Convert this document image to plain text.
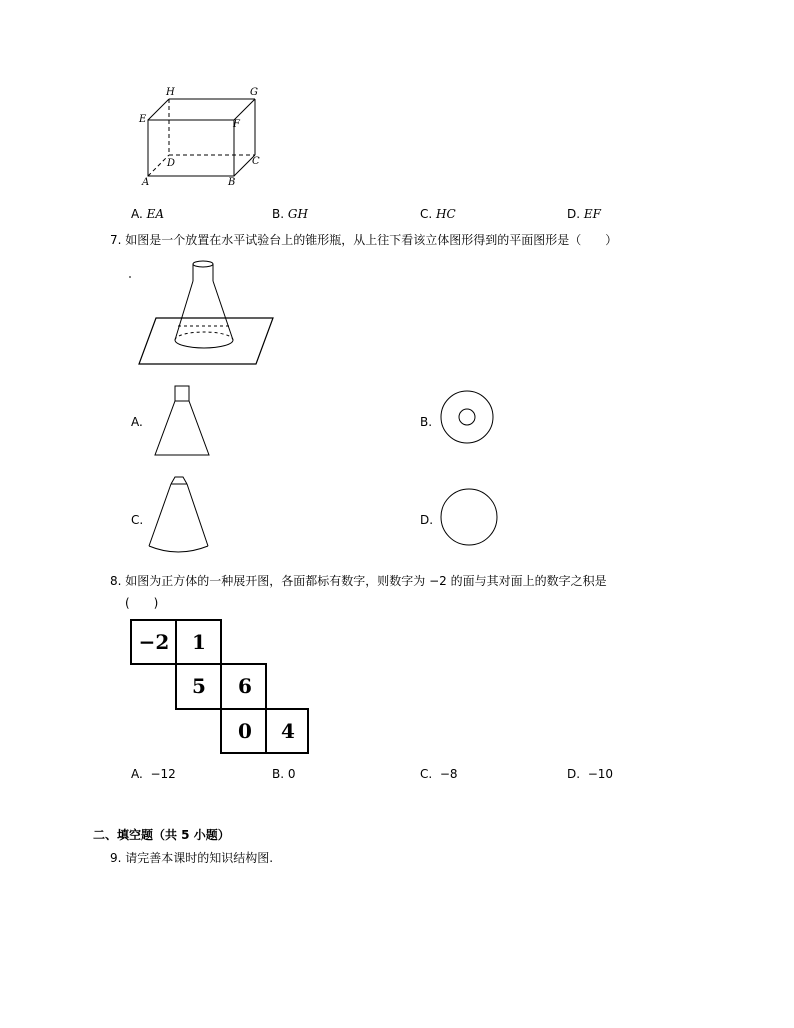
H	G
E	F
D	C
A	B
A. EA	B. GH	C. HC	D. EF
7. 如图是一个放置在水平试验台上的锥形瓶，从上往下看该立体图形得到的平面图形是（　　）
A.	B.
C.	D.
8. 如图为正方体的一种展开图，各面都标有数字，则数字为 −2 的面与其对面上的数字之积是
(　　)
−2	1
5	6
0	4
A. −12	B. 0	C. −8	D. −10
二、填空题（共 5 小题）
9. 请完善本课时的知识结构图.
